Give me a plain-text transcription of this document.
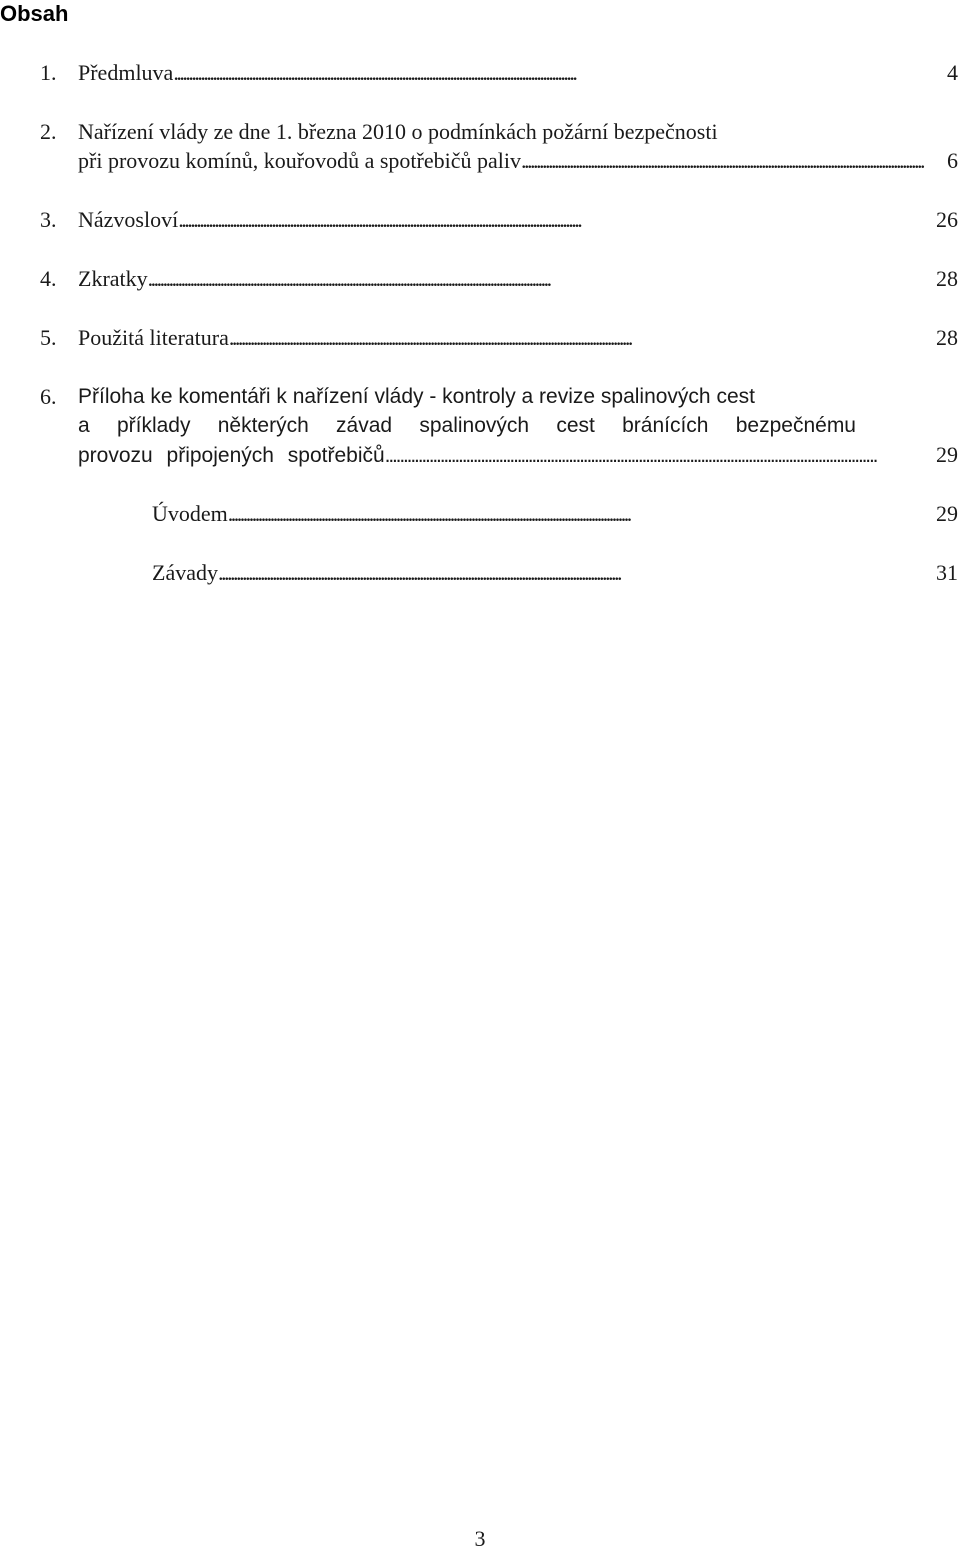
Obsah
1. Předmluva . . .	4
2. Nařízení vlády ze dne 1. března 2010 o podmínkách požární bezpečnosti
při provozu komínů, kouřovodů a spotřebičů paliv . . .	6
3. Názvosloví . . .	26
4. Zkratky . . .	28
5. Použitá literatura . . .	28
6. Příloha ke komentáři k nařízení vlády - kontroly a revize spalinových cest
a příklady některých závad spalinových cest bránících bezpečnému
provozu připojených spotřebičů . . .	29
Úvodem . . .	29
Závady . . .	31
3
